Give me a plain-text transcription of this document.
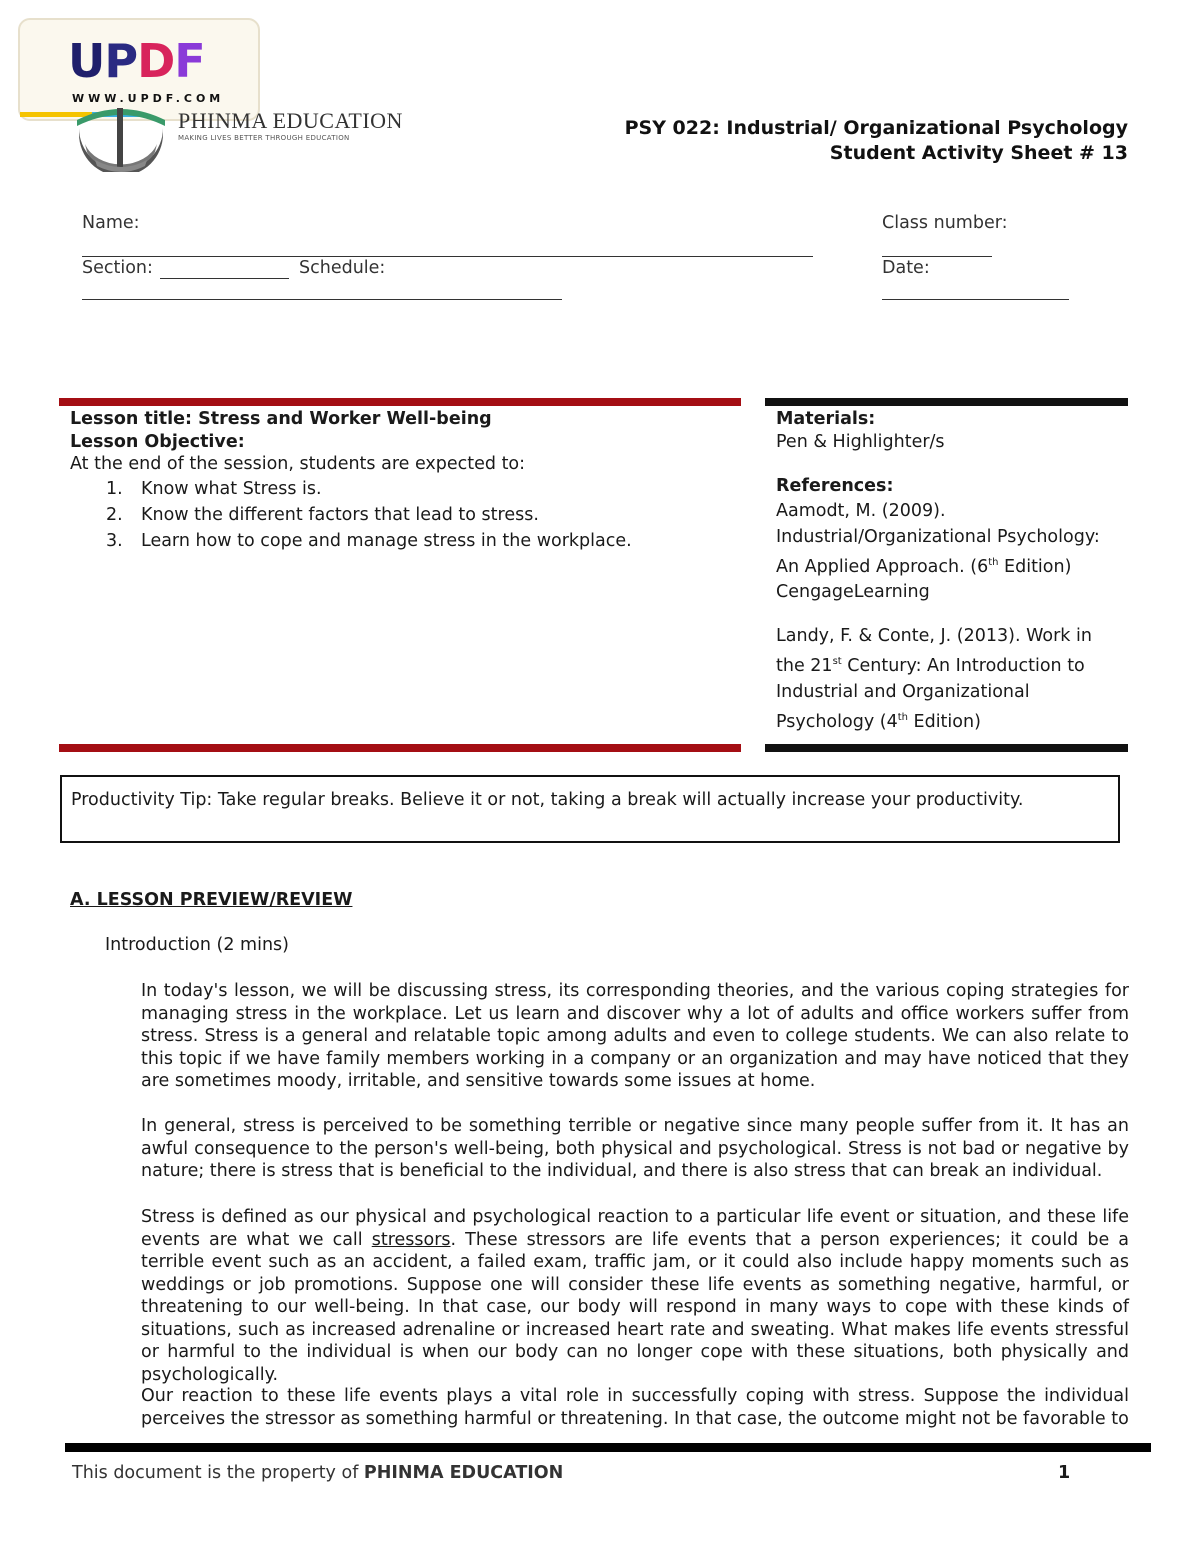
UPDF
WWW.UPDF.COM
PHINMA EDUCATION
MAKING LIVES BETTER THROUGH EDUCATION	PSY 022: Industrial/ Organizational Psychology
Student Activity Sheet # 13
Name:	Class number:
Section:	Schedule:	Date:
Lesson title: Stress and Worker Well-being
Lesson Objective:
At the end of the session, students are expected to:
1. Know what Stress is.
2. Know the different factors that lead to stress.
3. Learn how to cope and manage stress in the workplace.
Materials:
Pen & Highlighter/s
References:
Aamodt, M. (2009).
Industrial/Organizational Psychology:
An Applied Approach. (6th Edition)
CengageLearning
Landy, F. & Conte, J. (2013). Work in
the 21st Century: An Introduction to
Industrial and Organizational
Psychology (4th Edition)
Productivity Tip: Take regular breaks. Believe it or not, taking a break will actually increase your productivity.
A. LESSON PREVIEW/REVIEW
Introduction (2 mins)
In today's lesson, we will be discussing stress, its corresponding theories, and the various coping strategies for managing stress in the workplace. Let us learn and discover why a lot of adults and office workers suffer from stress. Stress is a general and relatable topic among adults and even to college students. We can also relate to this topic if we have family members working in a company or an organization and may have noticed that they are sometimes moody, irritable, and sensitive towards some issues at home.
In general, stress is perceived to be something terrible or negative since many people suffer from it. It has an awful consequence to the person's well-being, both physical and psychological. Stress is not bad or negative by nature; there is stress that is beneficial to the individual, and there is also stress that can break an individual.
Stress is defined as our physical and psychological reaction to a particular life event or situation, and these life events are what we call stressors. These stressors are life events that a person experiences; it could be a terrible event such as an accident, a failed exam, traffic jam, or it could also include happy moments such as weddings or job promotions. Suppose one will consider these life events as something negative, harmful, or threatening to our well-being. In that case, our body will respond in many ways to cope with these kinds of situations, such as increased adrenaline or increased heart rate and sweating. What makes life events stressful or harmful to the individual is when our body can no longer cope with these situations, both physically and psychologically.
Our reaction to these life events plays a vital role in successfully coping with stress. Suppose the individual perceives the stressor as something harmful or threatening. In that case, the outcome might not be favorable to
This document is the property of PHINMA EDUCATION	1
